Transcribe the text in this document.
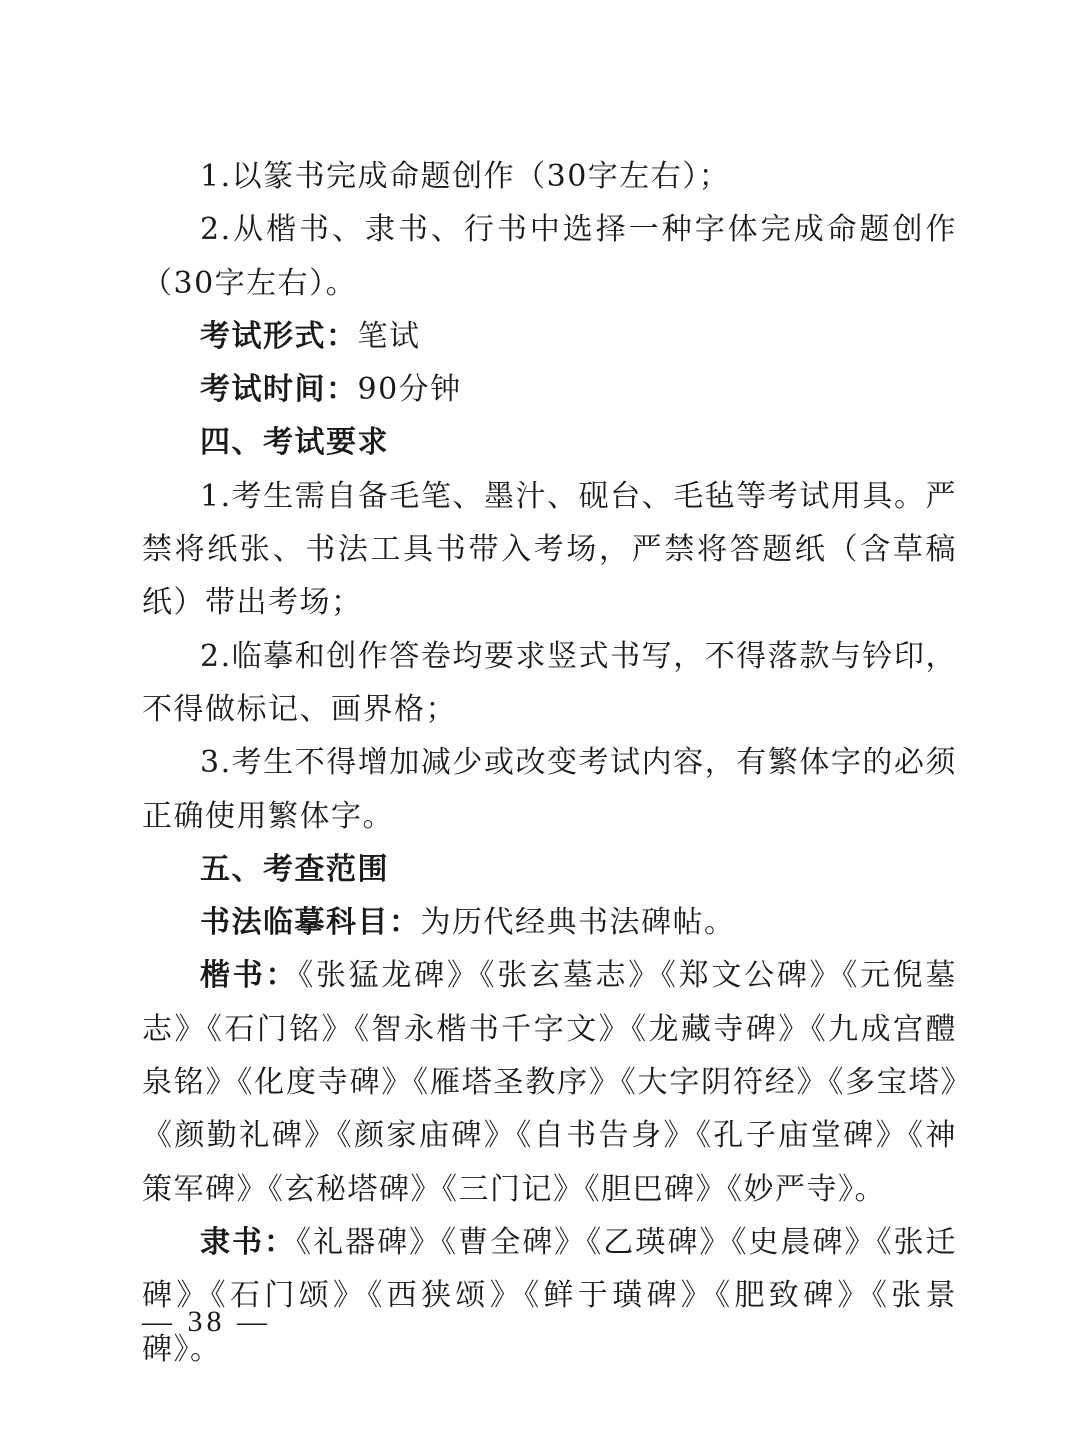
1.以篆书完成命题创作（30字左右）；

2.从楷书、隶书、行书中选择一种字体完成命题创作（30字左右）。

考试形式：笔试

考试时间：90分钟

四、考试要求

1.考生需自备毛笔、墨汁、砚台、毛毡等考试用具。严禁将纸张、书法工具书带入考场，严禁将答题纸（含草稿纸）带出考场；

2.临摹和创作答卷均要求竖式书写，不得落款与钤印，不得做标记、画界格；

3.考生不得增加减少或改变考试内容，有繁体字的必须正确使用繁体字。

五、考查范围

书法临摹科目：为历代经典书法碑帖。

楷书：《张猛龙碑》《张玄墓志》《郑文公碑》《元倪墓志》《石门铭》《智永楷书千字文》《龙藏寺碑》《九成宫醴泉铭》《化度寺碑》《雁塔圣教序》《大字阴符经》《多宝塔》《颜勤礼碑》《颜家庙碑》《自书告身》《孔子庙堂碑》《神策军碑》《玄秘塔碑》《三门记》《胆巴碑》《妙严寺》。

隶书：《礼器碑》《曹全碑》《乙瑛碑》《史晨碑》《张迁碑》《石门颂》《西狭颂》《鲜于璜碑》《肥致碑》《张景碑》。

— 38 —
